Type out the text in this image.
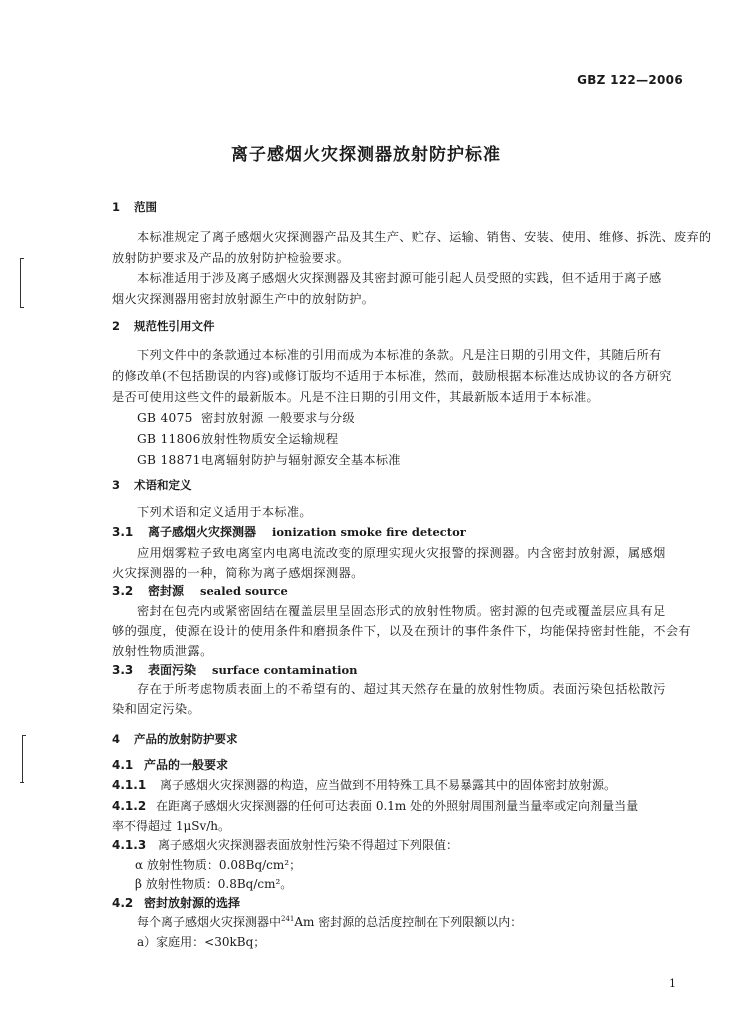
GBZ 122—2006
离子感烟火灾探测器放射防护标准
1 范围
本标准规定了离子感烟火灾探测器产品及其生产、贮存、运输、销售、安装、使用、维修、拆洗、废弃的
放射防护要求及产品的放射防护检验要求。
本标准适用于涉及离子感烟火灾探测器及其密封源可能引起人员受照的实践，但不适用于离子感
烟火灾探测器用密封放射源生产中的放射防护。
2 规范性引用文件
下列文件中的条款通过本标准的引用而成为本标准的条款。凡是注日期的引用文件，其随后所有
的修改单(不包括勘误的内容)或修订版均不适用于本标准，然而，鼓励根据本标准达成协议的各方研究
是否可使用这些文件的最新版本。凡是不注日期的引用文件，其最新版本适用于本标准。
GB 4075 密封放射源 一般要求与分级
GB 11806放射性物质安全运输规程
GB 18871电离辐射防护与辐射源安全基本标准
3 术语和定义
下列术语和定义适用于本标准。
3.1 离子感烟火灾探测器 ionization smoke fire detector
应用烟雾粒子致电离室内电离电流改变的原理实现火灾报警的探测器。内含密封放射源，属感烟
火灾探测器的一种，简称为离子感烟探测器。
3.2 密封源 sealed source
密封在包壳内或紧密固结在覆盖层里呈固态形式的放射性物质。密封源的包壳或覆盖层应具有足
够的强度，使源在设计的使用条件和磨损条件下，以及在预计的事件条件下，均能保持密封性能，不会有
放射性物质泄露。
3.3 表面污染 surface contamination
存在于所考虑物质表面上的不希望有的、超过其天然存在量的放射性物质。表面污染包括松散污
染和固定污染。
4 产品的放射防护要求
4.1 产品的一般要求
4.1.1 离子感烟火灾探测器的构造，应当做到不用特殊工具不易暴露其中的固体密封放射源。
4.1.2 在距离子感烟火灾探测器的任何可达表面 0.1m 处的外照射周围剂量当量率或定向剂量当量
率不得超过 1μSv/h。
4.1.3 离子感烟火灾探测器表面放射性污染不得超过下列限值：
α 放射性物质：0.08Bq/cm²；
β 放射性物质：0.8Bq/cm²。
4.2 密封放射源的选择
每个离子感烟火灾探测器中$^{241}$Am 密封源的总活度控制在下列限额以内：
a）家庭用：<30kBq；
1
